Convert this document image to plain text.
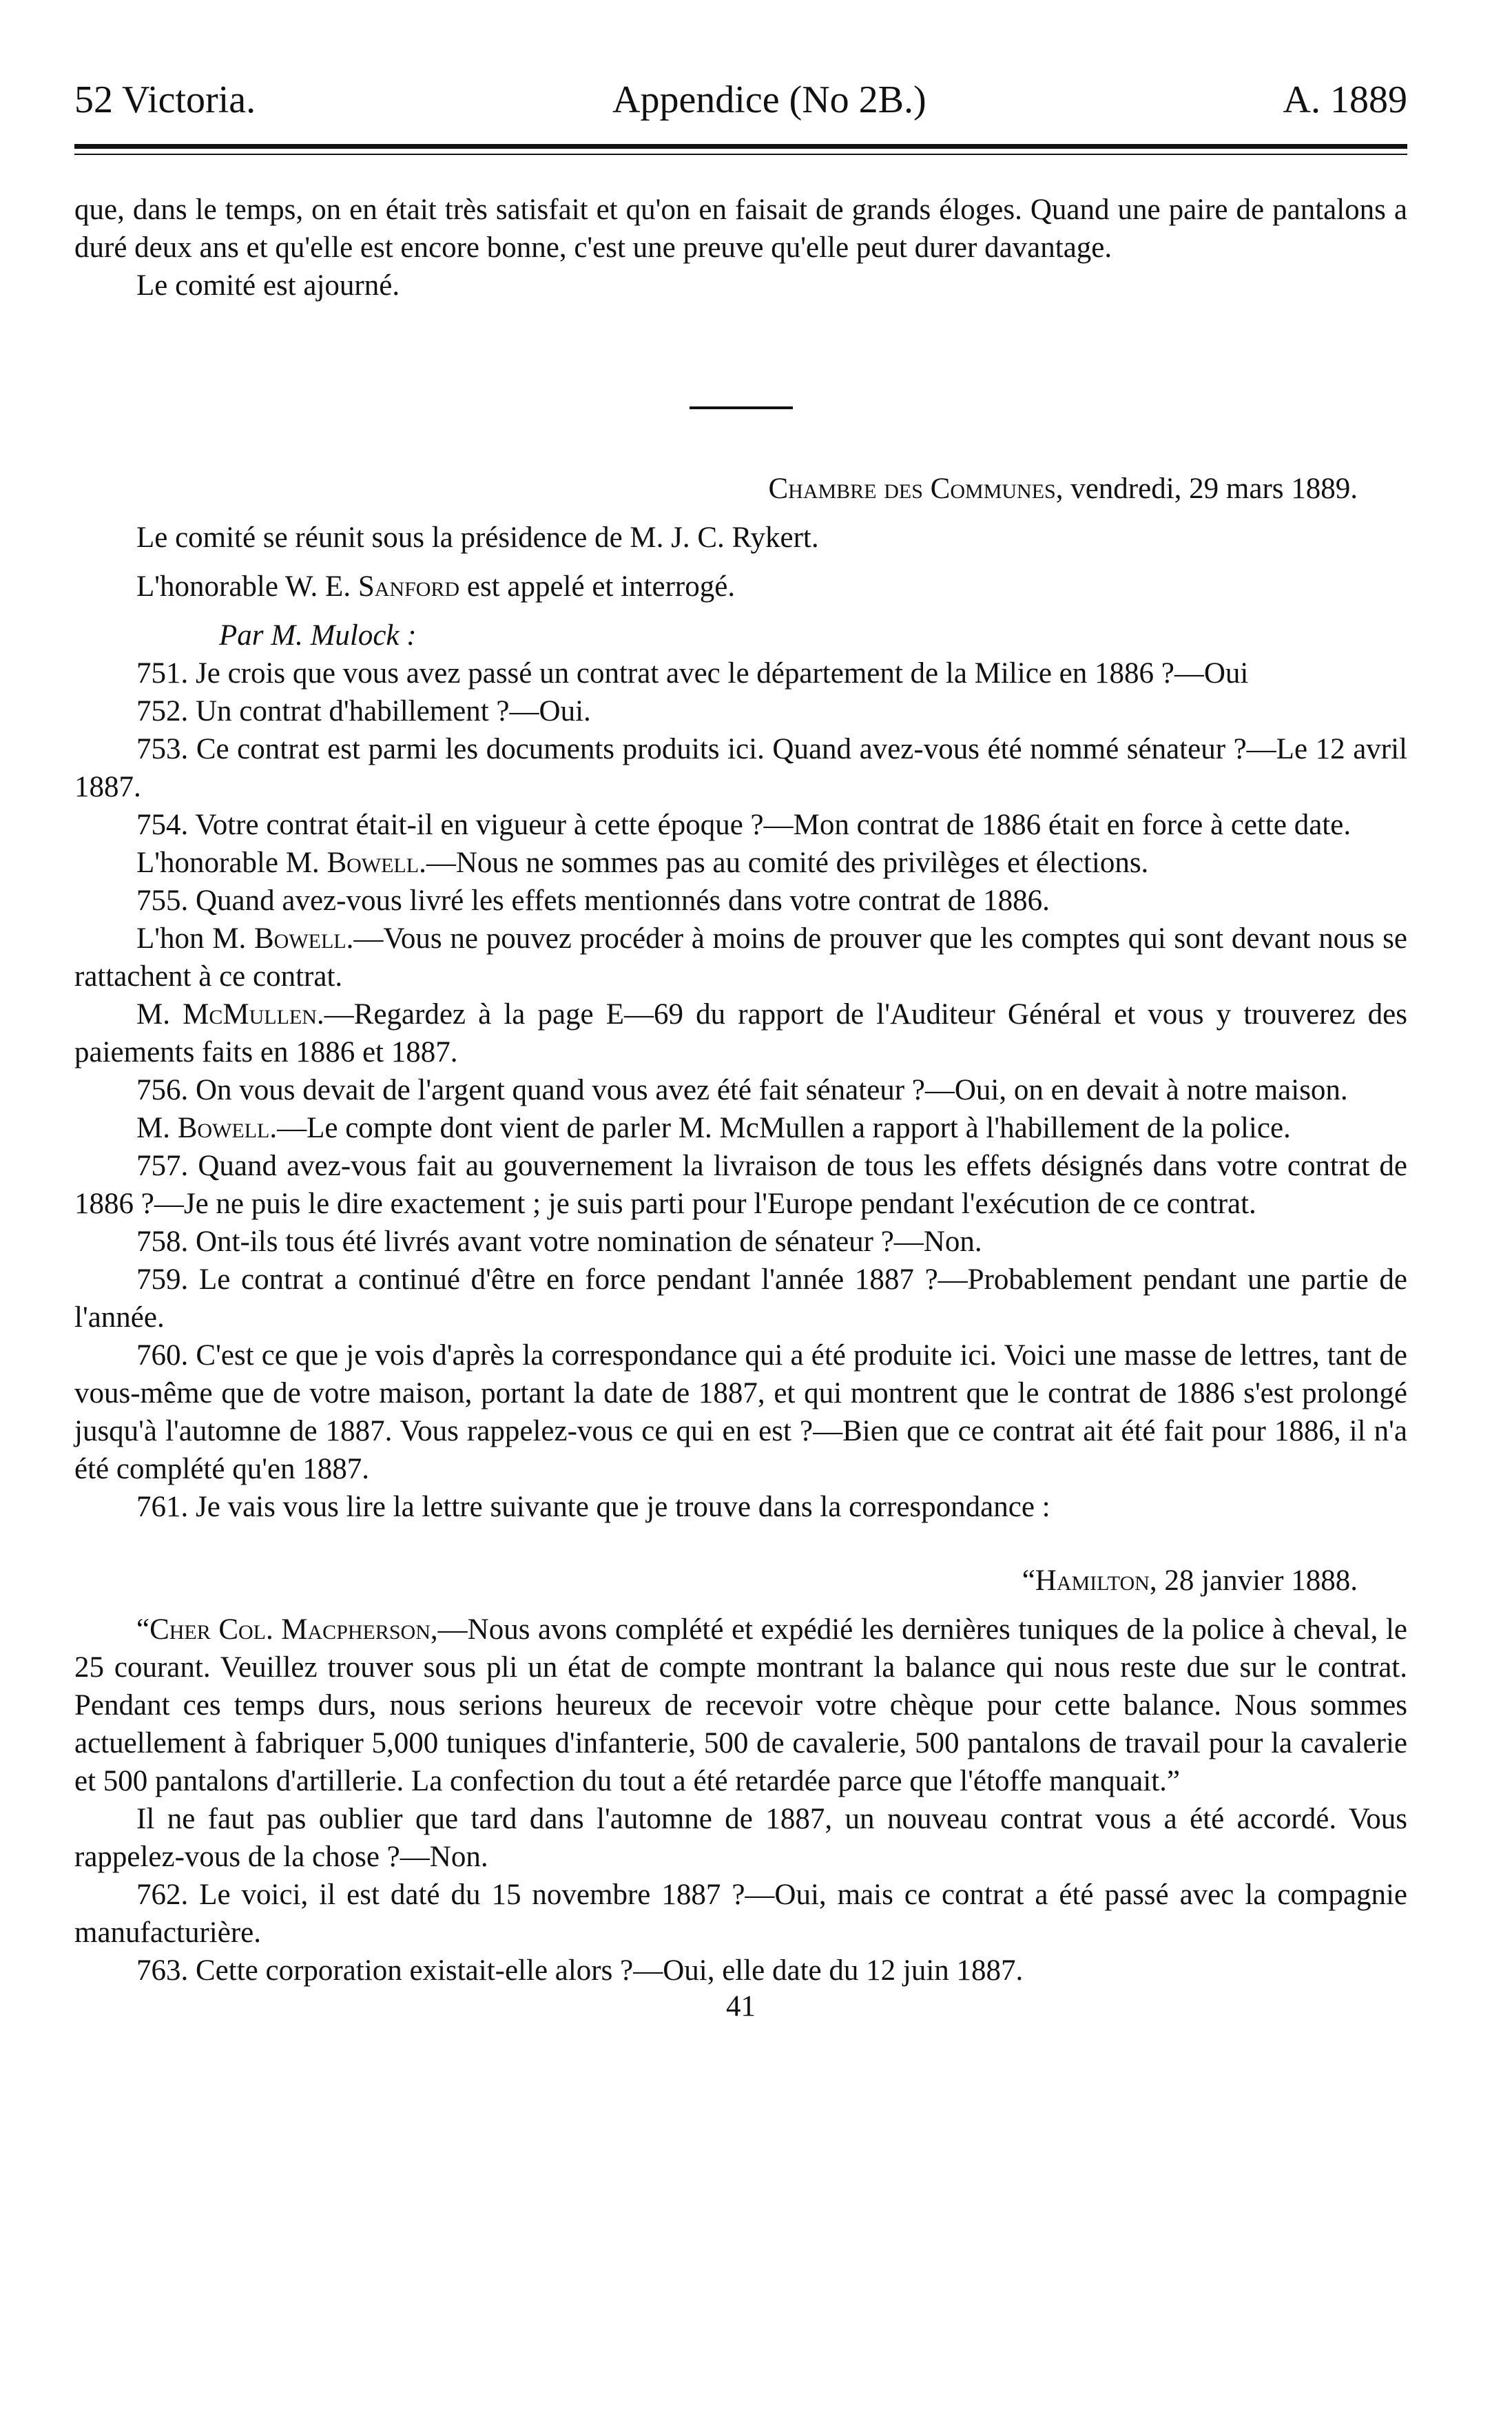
52 Victoria.	Appendice (No 2B.)	A. 1889

que, dans le temps, on en était très satisfait et qu'on en faisait de grands éloges. Quand une paire de pantalons a duré deux ans et qu'elle est encore bonne, c'est une preuve qu'elle peut durer davantage.

Le comité est ajourné.

Chambre des Communes, vendredi, 29 mars 1889.

Le comité se réunit sous la présidence de M. J. C. Rykert.

L'honorable W. E. Sanford est appelé et interrogé.

Par M. Mulock :

751. Je crois que vous avez passé un contrat avec le département de la Milice en 1886 ?—Oui

752. Un contrat d'habillement ?—Oui.

753. Ce contrat est parmi les documents produits ici. Quand avez-vous été nommé sénateur ?—Le 12 avril 1887.

754. Votre contrat était-il en vigueur à cette époque ?—Mon contrat de 1886 était en force à cette date.

L'honorable M. Bowell.—Nous ne sommes pas au comité des privilèges et élections.

755. Quand avez-vous livré les effets mentionnés dans votre contrat de 1886.

L'hon M. Bowell.—Vous ne pouvez procéder à moins de prouver que les comptes qui sont devant nous se rattachent à ce contrat.

M. McMullen.—Regardez à la page E—69 du rapport de l'Auditeur Général et vous y trouverez des paiements faits en 1886 et 1887.

756. On vous devait de l'argent quand vous avez été fait sénateur ?—Oui, on en devait à notre maison.

M. Bowell.—Le compte dont vient de parler M. McMullen a rapport à l'habillement de la police.

757. Quand avez-vous fait au gouvernement la livraison de tous les effets désignés dans votre contrat de 1886 ?—Je ne puis le dire exactement ; je suis parti pour l'Europe pendant l'exécution de ce contrat.

758. Ont-ils tous été livrés avant votre nomination de sénateur ?—Non.

759. Le contrat a continué d'être en force pendant l'année 1887 ?—Probablement pendant une partie de l'année.

760. C'est ce que je vois d'après la correspondance qui a été produite ici. Voici une masse de lettres, tant de vous-même que de votre maison, portant la date de 1887, et qui montrent que le contrat de 1886 s'est prolongé jusqu'à l'automne de 1887. Vous rappelez-vous ce qui en est ?—Bien que ce contrat ait été fait pour 1886, il n'a été complété qu'en 1887.

761. Je vais vous lire la lettre suivante que je trouve dans la correspondance :

“Hamilton, 28 janvier 1888.

“Cher Col. Macpherson,—Nous avons complété et expédié les dernières tuniques de la police à cheval, le 25 courant. Veuillez trouver sous pli un état de compte montrant la balance qui nous reste due sur le contrat. Pendant ces temps durs, nous serions heureux de recevoir votre chèque pour cette balance. Nous sommes actuellement à fabriquer 5,000 tuniques d'infanterie, 500 de cavalerie, 500 pantalons de travail pour la cavalerie et 500 pantalons d'artillerie. La confection du tout a été retardée parce que l'étoffe manquait.”

Il ne faut pas oublier que tard dans l'automne de 1887, un nouveau contrat vous a été accordé. Vous rappelez-vous de la chose ?—Non.

762. Le voici, il est daté du 15 novembre 1887 ?—Oui, mais ce contrat a été passé avec la compagnie manufacturière.

763. Cette corporation existait-elle alors ?—Oui, elle date du 12 juin 1887.

41
